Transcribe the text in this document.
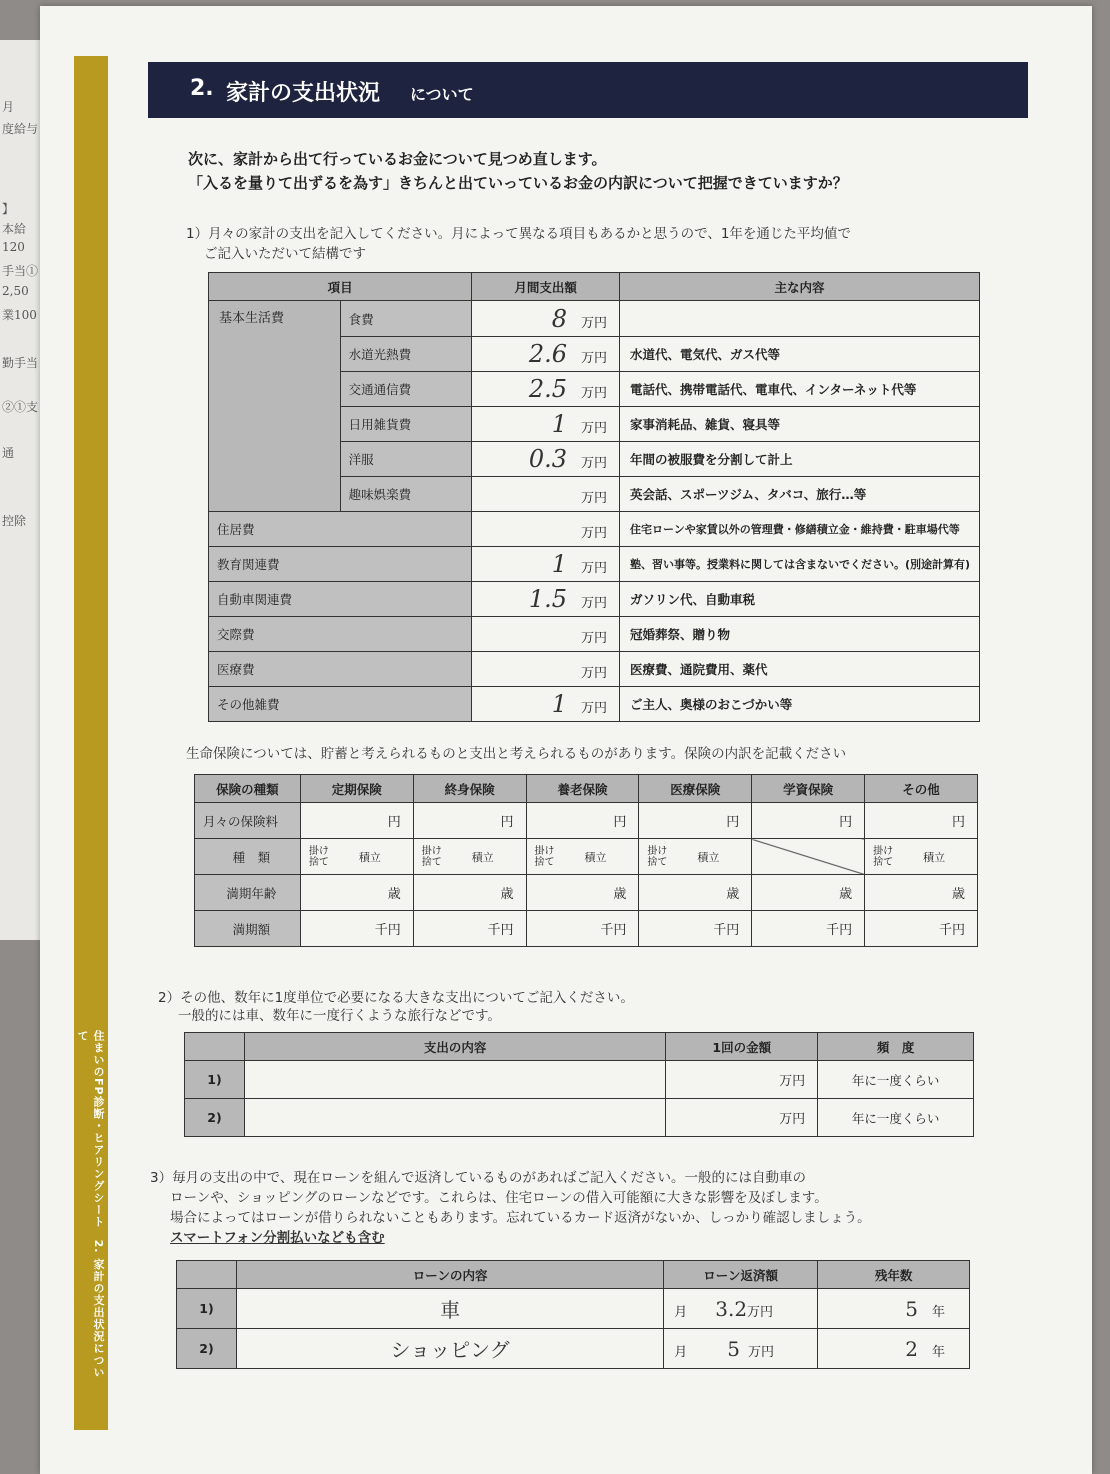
月
度給与
】
本給
120
手当①
2,50
業100
勤手当
②①支
通
控除
住まいのFP診断・ヒアリングシート　2. 家計の支出状況について
2. 家計の支出状況 について
次に、家計から出て行っているお金について見つめ直します。
「入るを量りて出ずるを為す」きちんと出ていっているお金の内訳について把握できていますか？
1）月々の家計の支出を記入してください。月によって異なる項目もあるかと思うので、1年を通じた平均値で
ご記入いただいて結構です
項目		月間支出額	主な内容
基本生活費	食費	8 万円	
	水道光熱費	2.6 万円	水道代、電気代、ガス代等
	交通通信費	2.5 万円	電話代、携帯電話代、電車代、インターネット代等
	日用雑貨費	1 万円	家事消耗品、雑貨、寝具等
	洋服	0.3 万円	年間の被服費を分割して計上
	趣味娯楽費	万円	英会話、スポーツジム、タバコ、旅行…等
住居費		万円	住宅ローンや家賃以外の管理費・修繕積立金・維持費・駐車場代等
教育関連費		1 万円	塾、習い事等。授業料に関しては含まないでください。(別途計算有)
自動車関連費		1.5 万円	ガソリン代、自動車税
交際費		万円	冠婚葬祭、贈り物
医療費		万円	医療費、通院費用、薬代
その他雑費		1 万円	ご主人、奥様のおこづかい等
生命保険については、貯蓄と考えられるものと支出と考えられるものがあります。保険の内訳を記載ください
保険の種類	定期保険	終身保険	養老保険	医療保険	学資保険	その他
月々の保険料	円	円	円	円	円	円
種　類	掛け捨て 積立	掛け捨て 積立	掛け捨て 積立	掛け捨て 積立		掛け捨て 積立
満期年齢	歳	歳	歳	歳	歳	歳
満期額	千円	千円	千円	千円	千円	千円
2）その他、数年に1度単位で必要になる大きな支出についてご記入ください。
一般的には車、数年に一度行くような旅行などです。
	支出の内容	1回の金額	頻　度
1)		万円	年に一度くらい
2)		万円	年に一度くらい
3）毎月の支出の中で、現在ローンを組んで返済しているものがあればご記入ください。一般的には自動車の
ローンや、ショッピングのローンなどです。これらは、住宅ローンの借入可能額に大きな影響を及ぼします。
場合によってはローンが借りられないこともあります。忘れているカード返済がないか、しっかり確認しましょう。
スマートフォン分割払いなども含む
	ローンの内容	ローン返済額	残年数
1)	車	月 3.2万円	5 年
2)	ショッピング	月 5 万円	2 年
